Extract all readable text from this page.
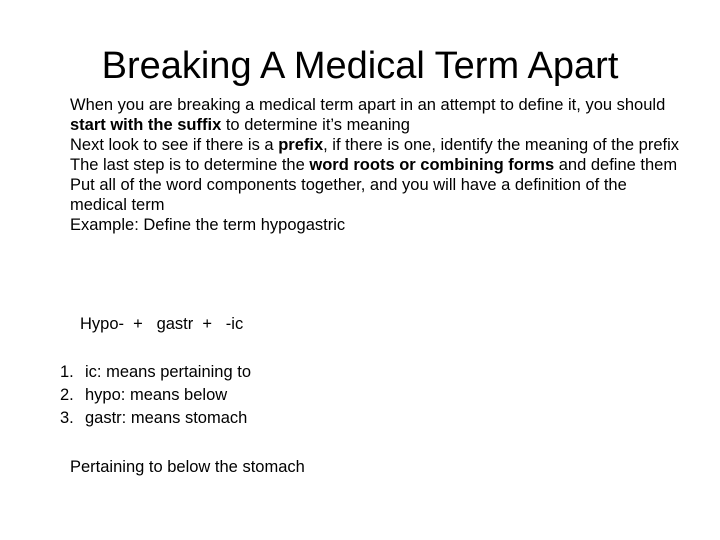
Breaking A Medical Term Apart

When you are breaking a medical term apart in an attempt to define it, you should start with the suffix to determine it’s meaning

Next look to see if there is a prefix, if there is one, identify the meaning of the prefix

The last step is to determine the word roots or combining forms and define them

Put all of the word components together, and you will have a definition of the medical term

Example: Define the term hypogastric

Hypo-  +   gastr  +   -ic
1. ic: means pertaining to
2. hypo: means below
3. gastr: means stomach
Pertaining to below the stomach
